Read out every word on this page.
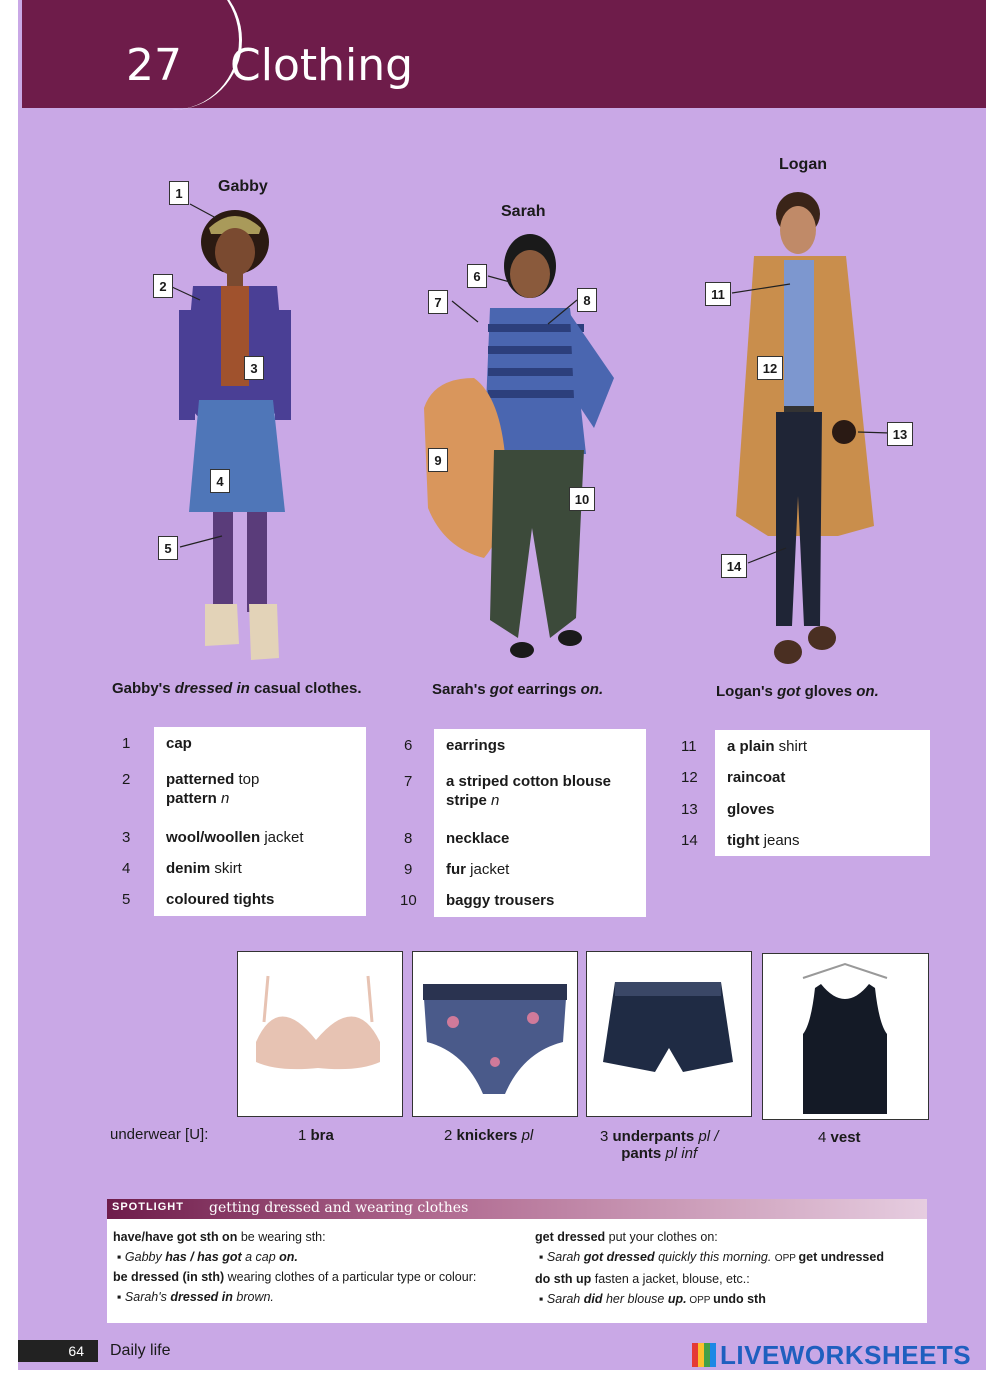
27 Clothing
Gabby
Sarah
Logan
1
2
3
4
5
6
7	8
9
10
11
12
13
14
Gabby's dressed in casual clothes.	Sarah's got earrings on.	Logan's got gloves on.
1 cap
2 patterned top
pattern n
3 wool/woollen jacket
4 denim skirt
5 coloured tights
6 earrings
7 a striped cotton blouse
stripe n
8 necklace
9 fur jacket
10 baggy trousers
11 a plain shirt
12 raincoat
13 gloves
14 tight jeans
underwear [U]:	1 bra	2 knickers pl	3 underpants pl /
pants pl inf
4 vest
SPOTLIGHT getting dressed and wearing clothes
have/have got sth on be wearing sth:
▪ Gabby has / has got a cap on.
be dressed (in sth) wearing clothes of a particular type or colour:
▪ Sarah's dressed in brown.
get dressed put your clothes on:
▪ Sarah got dressed quickly this morning. OPP get undressed
do sth up fasten a jacket, blouse, etc.:
▪ Sarah did her blouse up. OPP undo sth
64	Daily life	LIVEWORKSHEETS
